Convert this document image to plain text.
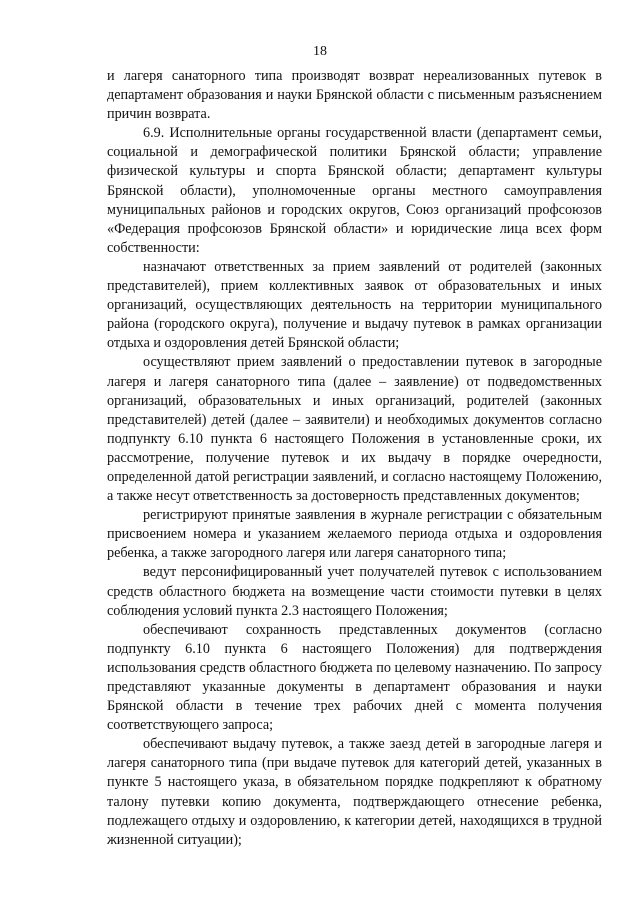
18

и лагеря санаторного типа производят возврат нереализованных путевок в департамент образования и науки Брянской области с письменным разъяснением причин возврата.

6.9. Исполнительные органы государственной власти (департамент семьи, социальной и демографической политики Брянской области; управление физической культуры и спорта Брянской области; департамент культуры Брянской области), уполномоченные органы местного самоуправления муниципальных районов и городских округов, Союз организаций профсоюзов «Федерация профсоюзов Брянской области» и юридические лица всех форм собственности:

назначают ответственных за прием заявлений от родителей (законных представителей), прием коллективных заявок от образовательных и иных организаций, осуществляющих деятельность на территории муниципального района (городского округа), получение и выдачу путевок в рамках организации отдыха и оздоровления детей Брянской области;

осуществляют прием заявлений о предоставлении путевок в загородные лагеря и лагеря санаторного типа (далее – заявление) от подведомственных организаций, образовательных и иных организаций, родителей (законных представителей) детей (далее – заявители) и необходимых документов согласно подпункту 6.10 пункта 6 настоящего Положения в установленные сроки, их рассмотрение, получение путевок и их выдачу в порядке очередности, определенной датой регистрации заявлений, и согласно настоящему Положению, а также несут ответственность за достоверность представленных документов;

регистрируют принятые заявления в журнале регистрации с обязательным присвоением номера и указанием желаемого периода отдыха и оздоровления ребенка, а также загородного лагеря или лагеря санаторного типа;

ведут персонифицированный учет получателей путевок с использованием средств областного бюджета на возмещение части стоимости путевки в целях соблюдения условий пункта 2.3 настоящего Положения;

обеспечивают сохранность представленных документов (согласно подпункту 6.10 пункта 6 настоящего Положения) для подтверждения использования средств областного бюджета по целевому назначению. По запросу представляют указанные документы в департамент образования и науки Брянской области в течение трех рабочих дней с момента получения соответствующего запроса;

обеспечивают выдачу путевок, а также заезд детей в загородные лагеря и лагеря санаторного типа (при выдаче путевок для категорий детей, указанных в пункте 5 настоящего указа, в обязательном порядке подкрепляют к обратному талону путевки копию документа, подтверждающего отнесение ребенка, подлежащего отдыху и оздоровлению, к категории детей, находящихся в трудной жизненной ситуации);
